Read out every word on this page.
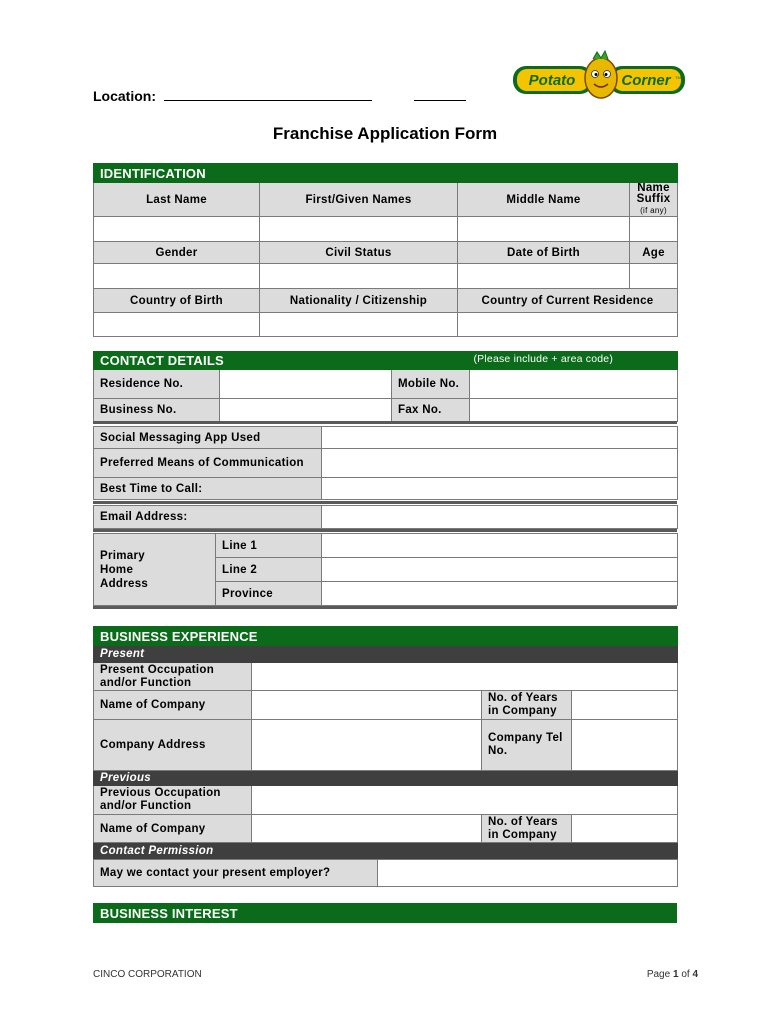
Location:
Potato	Corner TM
Franchise Application Form
IDENTIFICATION			
Last Name	First/Given Names	Middle Name	Name
Suffix
(if any)

Gender	Civil Status	Date of Birth	Age

Country of Birth	Nationality / Citizenship	Country of Current Residence	

CONTACT DETAILS (Please include + area code)			

Residence No.		Mobile No.	
Business No.		Fax No.	
Social Messaging App Used	
Preferred Means of Communication	
Best Time to Call:	
Email Address:	
Primary Home Address	Line 1	
	Line 2	
	Province	
BUSINESS EXPERIENCE			
Present			
Present Occupation and/or Function			
Name of Company		No. of Years in Company	
Company Address		Company Tel No.	
Previous			
Previous Occupation and/or Function			
Name of Company		No. of Years in Company	
Contact Permission			
May we contact your present employer?	
BUSINESS INTEREST
CINCO CORPORATION	Page 1 of 4
